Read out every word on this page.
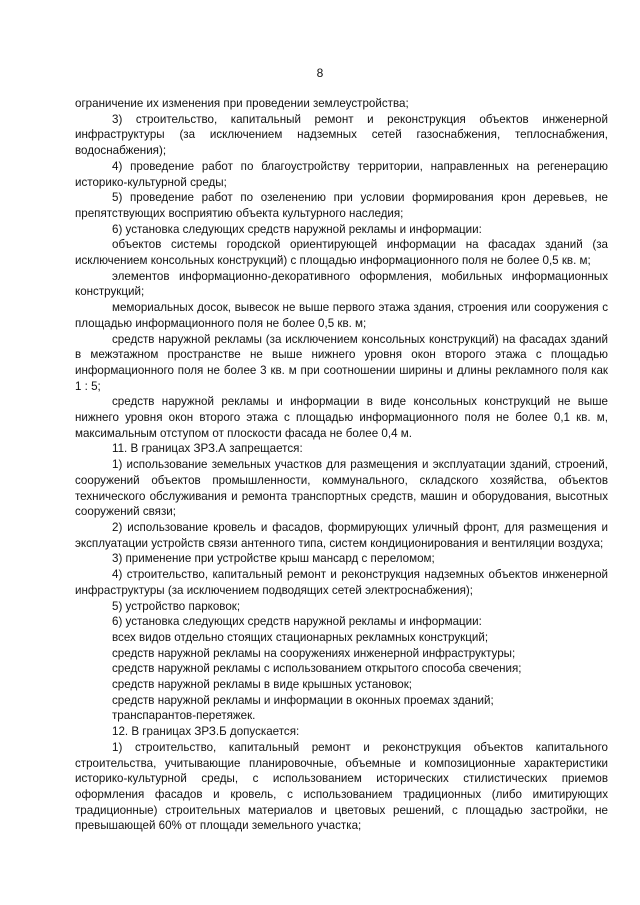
8

ограничение их изменения при проведении землеустройства;

3) строительство, капитальный ремонт и реконструкция объектов инженерной инфраструктуры (за исключением надземных сетей газоснабжения, теплоснабжения, водоснабжения);

4) проведение работ по благоустройству территории, направленных на регенерацию историко-культурной среды;

5) проведение работ по озеленению при условии формирования крон деревьев, не препятствующих восприятию объекта культурного наследия;

6) установка следующих средств наружной рекламы и информации:

объектов системы городской ориентирующей информации на фасадах зданий (за исключением консольных конструкций) с площадью информационного поля не более 0,5 кв. м;

элементов информационно-декоративного оформления, мобильных информационных конструкций;

мемориальных досок, вывесок не выше первого этажа здания, строения или сооружения с площадью информационного поля не более 0,5 кв. м;

средств наружной рекламы (за исключением консольных конструкций) на фасадах зданий в межэтажном пространстве не выше нижнего уровня окон второго этажа с площадью информационного поля не более 3 кв. м при соотношении ширины и длины рекламного поля как 1 : 5;

средств наружной рекламы и информации в виде консольных конструкций не выше нижнего уровня окон второго этажа с площадью информационного поля не более 0,1 кв. м, максимальным отступом от плоскости фасада не более 0,4 м.

11. В границах ЗРЗ.А запрещается:

1) использование земельных участков для размещения и эксплуатации зданий, строений, сооружений объектов промышленности, коммунального, складского хозяйства, объектов технического обслуживания и ремонта транспортных средств, машин и оборудования, высотных сооружений связи;

2) использование кровель и фасадов, формирующих уличный фронт, для размещения и эксплуатации устройств связи антенного типа, систем кондиционирования и вентиляции воздуха;

3) применение при устройстве крыш мансард с переломом;

4) строительство, капитальный ремонт и реконструкция надземных объектов инженерной инфраструктуры (за исключением подводящих сетей электроснабжения);

5) устройство парковок;

6) установка следующих средств наружной рекламы и информации:

всех видов отдельно стоящих стационарных рекламных конструкций;

средств наружной рекламы на сооружениях инженерной инфраструктуры;

средств наружной рекламы с использованием открытого способа свечения;

средств наружной рекламы в виде крышных установок;

средств наружной рекламы и информации в оконных проемах зданий;

транспарантов-перетяжек.

12. В границах ЗРЗ.Б допускается:

1) строительство, капитальный ремонт и реконструкция объектов капитального строительства, учитывающие планировочные, объемные и композиционные характеристики историко-культурной среды, с использованием исторических стилистических приемов оформления фасадов и кровель, с использованием традиционных (либо имитирующих традиционные) строительных материалов и цветовых решений, с площадью застройки, не превышающей 60% от площади земельного участка;
